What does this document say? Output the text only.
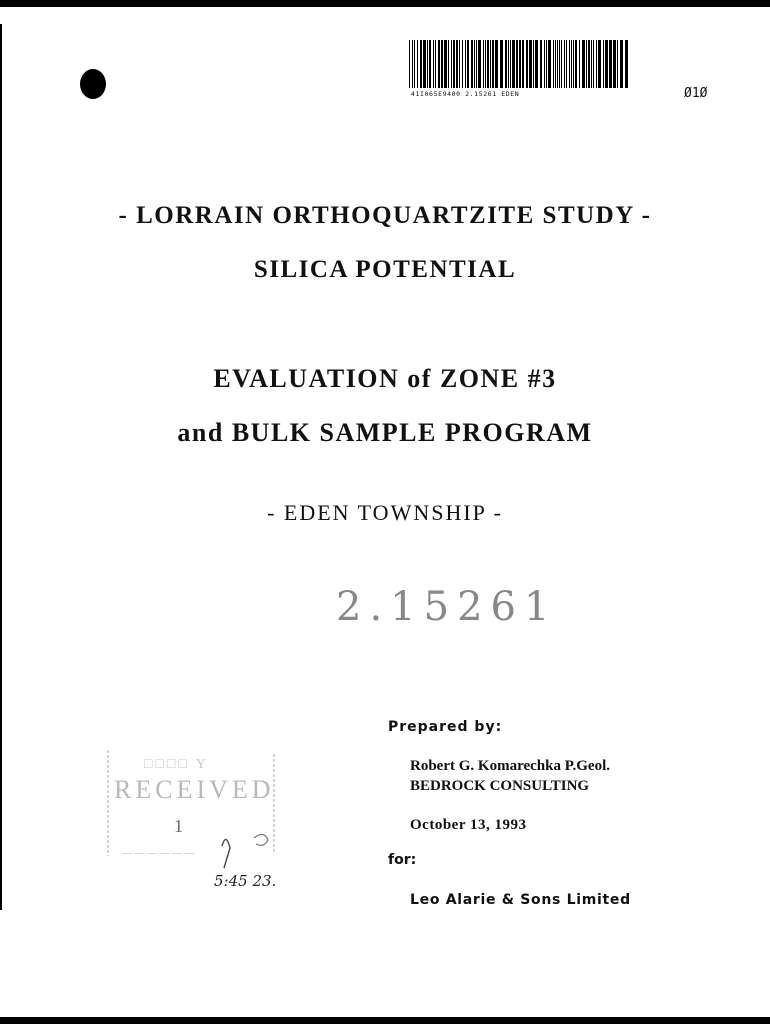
41I065E9400 2.15261 EDEN	Ø1Ø
- LORRAIN ORTHOQUARTZITE STUDY -
SILICA POTENTIAL
EVALUATION of ZONE #3
and BULK SAMPLE PROGRAM
- EDEN TOWNSHIP -
2.15261
Prepared by:
Robert G. Komarechka P.Geol.
BEDROCK CONSULTING
October 13, 1993
for:
Leo Alarie & Sons Limited
□□□□ Y
RECEIVED
1
— — — — — —
5:45 23.
